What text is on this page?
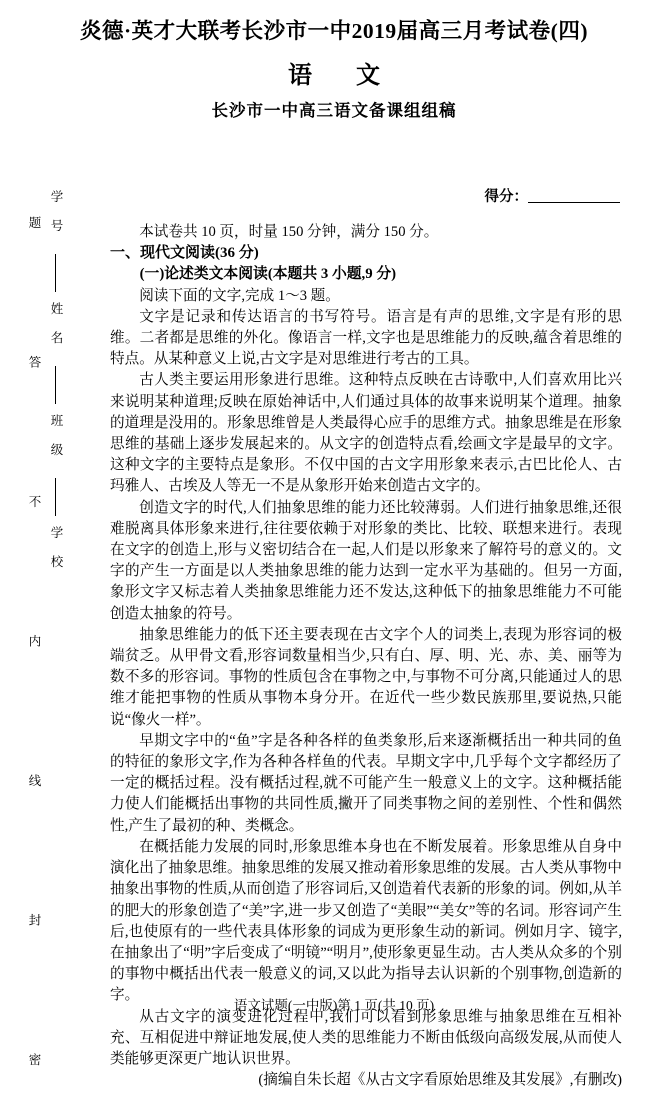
炎德·英才大联考长沙市一中2019届高三月考试卷(四)
语　文
长沙市一中高三语文备课组组稿
得分：
学　号
姓　名
班　级
学　校
题　　答　　不　　内　　线　　封　　密	本试卷共 10 页，时量 150 分钟，满分 150 分。

一、现代文阅读(36 分)

(一)论述类文本阅读(本题共 3 小题,9 分)

阅读下面的文字,完成 1～3 题。

文字是记录和传达语言的书写符号。语言是有声的思维,文字是有形的思维。二者都是思维的外化。像语言一样,文字也是思维能力的反映,蕴含着思维的特点。从某种意义上说,古文字是对思维进行考古的工具。

古人类主要运用形象进行思维。这种特点反映在古诗歌中,人们喜欢用比兴来说明某种道理;反映在原始神话中,人们通过具体的故事来说明某个道理。抽象的道理是没用的。形象思维曾是人类最得心应手的思维方式。抽象思维是在形象思维的基础上逐步发展起来的。从文字的创造特点看,绘画文字是最早的文字。这种文字的主要特点是象形。不仅中国的古文字用形象来表示,古巴比伦人、古玛雅人、古埃及人等无一不是从象形开始来创造古文字的。

创造文字的时代,人们抽象思维的能力还比较薄弱。人们进行抽象思维,还很难脱离具体形象来进行,往往要依赖于对形象的类比、比较、联想来进行。表现在文字的创造上,形与义密切结合在一起,人们是以形象来了解符号的意义的。文字的产生一方面是以人类抽象思维的能力达到一定水平为基础的。但另一方面,象形文字又标志着人类抽象思维能力还不发达,这种低下的抽象思维能力不可能创造太抽象的符号。

抽象思维能力的低下还主要表现在古文字个人的词类上,表现为形容词的极端贫乏。从甲骨文看,形容词数量相当少,只有白、厚、明、光、赤、美、丽等为数不多的形容词。事物的性质包含在事物之中,与事物不可分离,只能通过人的思维才能把事物的性质从事物本身分开。在近代一些少数民族那里,要说热,只能说“像火一样”。

早期文字中的“鱼”字是各种各样的鱼类象形,后来逐渐概括出一种共同的鱼的特征的象形文字,作为各种各样鱼的代表。早期文字中,几乎每个文字都经历了一定的概括过程。没有概括过程,就不可能产生一般意义上的文字。这种概括能力使人们能概括出事物的共同性质,撇开了同类事物之间的差别性、个性和偶然性,产生了最初的种、类概念。

在概括能力发展的同时,形象思维本身也在不断发展着。形象思维从自身中演化出了抽象思维。抽象思维的发展又推动着形象思维的发展。古人类从事物中抽象出事物的性质,从而创造了形容词后,又创造着代表新的形象的词。例如,从羊的肥大的形象创造了“美”字,进一步又创造了“美眼”“美女”等的名词。形容词产生后,也使原有的一些代表具体形象的词成为更形象生动的新词。例如月字、镜字,在抽象出了“明”字后变成了“明镜”“明月”,使形象更显生动。古人类从众多的个别的事物中概括出代表一般意义的词,又以此为指导去认识新的个别事物,创造新的字。

从古文字的演变进化过程中,我们可以看到形象思维与抽象思维在互相补充、互相促进中辩证地发展,使人类的思维能力不断由低级向高级发展,从而使人类能够更深更广地认识世界。

(摘编自朱长超《从古文字看原始思维及其发展》,有删改)

语文试题(一中版)第 1 页(共 10 页)
